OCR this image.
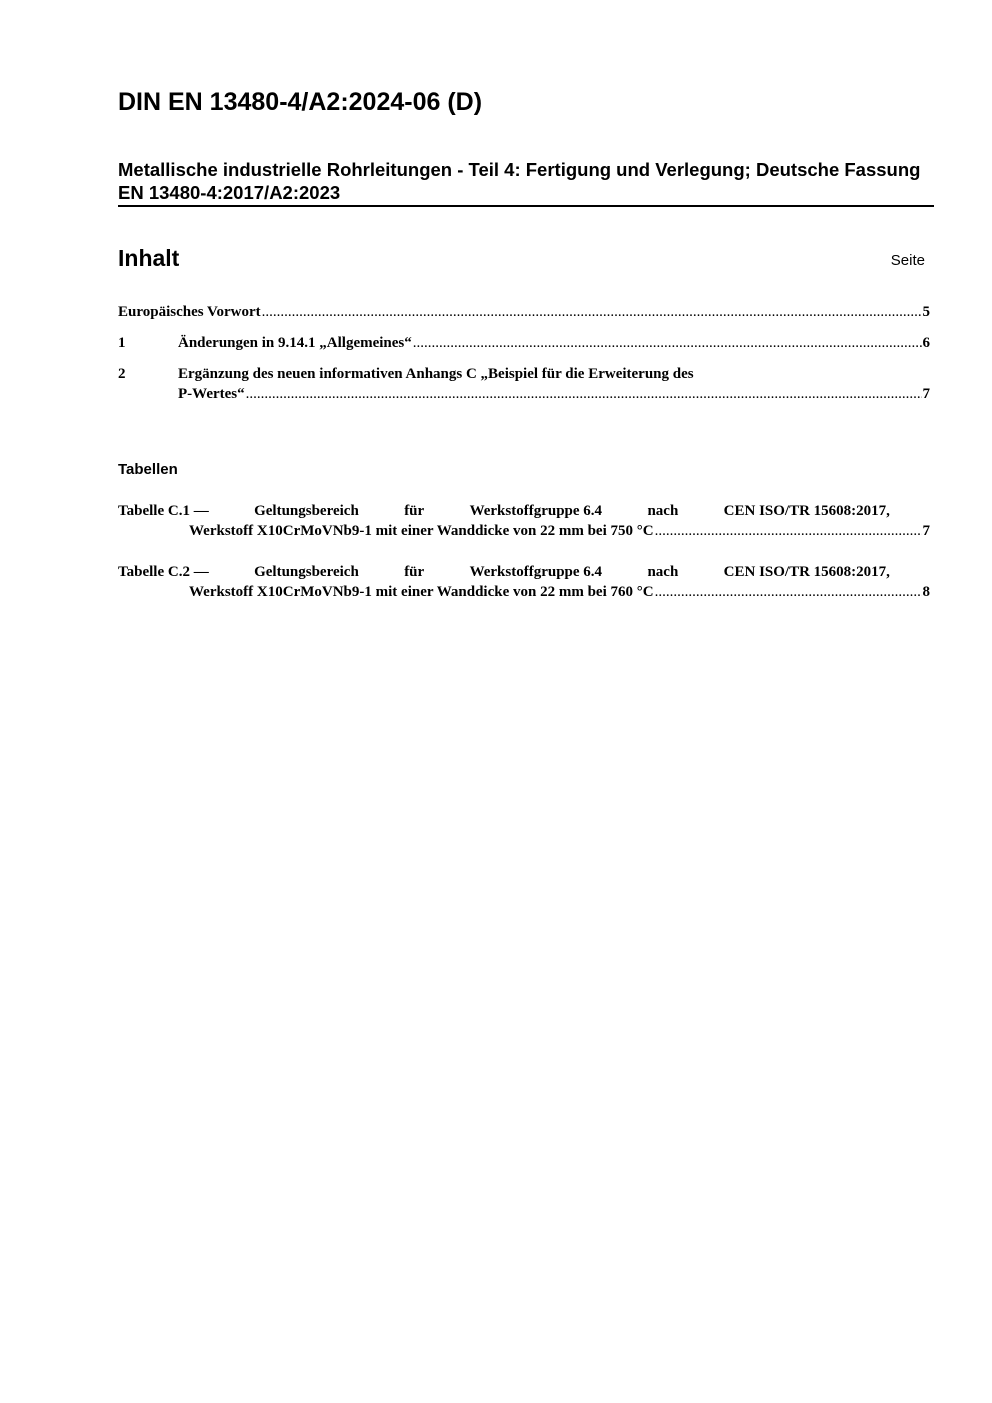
DIN EN 13480-4/A2:2024-06 (D)
Metallische industrielle Rohrleitungen - Teil 4: Fertigung und Verlegung; Deutsche Fassung EN 13480-4:2017/A2:2023
Inhalt	Seite
Europäisches Vorwort .....	5
1	Änderungen in 9.14.1 „Allgemeines“ .....	6
2	Ergänzung des neuen informativen Anhangs C „Beispiel für die Erweiterung des
P-Wertes“ .....	7
Tabellen
Tabelle C.1 —	Geltungsbereich	für	Werkstoffgruppe 6.4	nach	CEN ISO/TR 15608:2017,
Werkstoff X10CrMoVNb9-1 mit einer Wanddicke von 22 mm bei 750 °C .....	7
Tabelle C.2 —	Geltungsbereich	für	Werkstoffgruppe 6.4	nach	CEN ISO/TR 15608:2017,
Werkstoff X10CrMoVNb9-1 mit einer Wanddicke von 22 mm bei 760 °C .....	8
